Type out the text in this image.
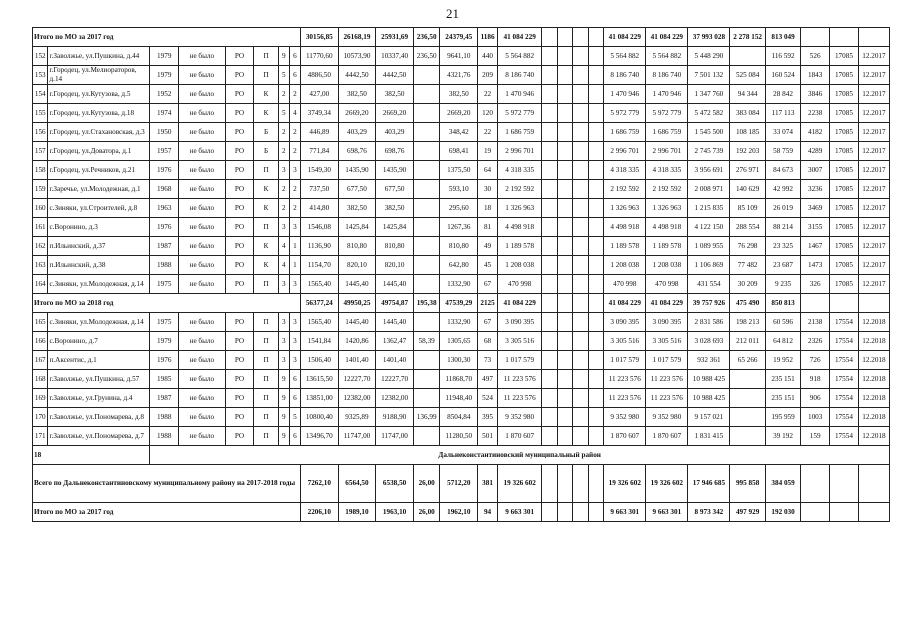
21
Итого по МО за 2017 год								30156,85	26168,19	25931,69	236,50	24379,45	1186	41 084 229					41 084 229	41 084 229	37 993 028	2 278 152	813 049			
152	г.Заволжье, ул.Пушкина, д.44	1979	не было	РО	П	9	6	11770,60	10573,90	10337,40	236,50	9641,10	440	5 564 882					5 564 882	5 564 882	5 448 290		116 592	526	17085	12.2017
153	г.Городец, ул.Мелиораторов, д.14	1979	не было	РО	П	5	6	4886,50	4442,50	4442,50		4321,76	209	8 186 740					8 186 740	8 186 740	7 501 132	525 084	160 524	1843	17085	12.2017
154	г.Городец, ул.Кутузова, д.5	1952	не было	РО	К	2	2	427,00	382,50	382,50		382,50	22	1 470 946					1 470 946	1 470 946	1 347 760	94 344	28 842	3846	17085	12.2017
155	г.Городец, ул.Кутузова, д.18	1974	не было	РО	К	5	4	3749,34	2669,20	2669,20		2669,20	120	5 972 779					5 972 779	5 972 779	5 472 582	383 084	117 113	2238	17085	12.2017
156	г.Городец, ул.Стахановская, д.3	1950	не было	РО	Б	2	2	446,89	403,29	403,29		348,42	22	1 686 759					1 686 759	1 686 759	1 545 500	108 185	33 074	4182	17085	12.2017
157	г.Городец, ул.Доватора, д.1	1957	не было	РО	Б	2	2	771,84	698,76	698,76		698,41	19	2 996 701					2 996 701	2 996 701	2 745 739	192 203	58 759	4289	17085	12.2017
158	г.Городец, ул.Речников, д.21	1976	не было	РО	П	3	3	1549,30	1435,90	1435,90		1375,50	64	4 318 335					4 318 335	4 318 335	3 956 691	276 971	84 673	3007	17085	12.2017
159	г.Заречье, ул.Молодежная, д.1	1968	не было	РО	К	2	2	737,50	677,50	677,50		593,10	30	2 192 592					2 192 592	2 192 592	2 008 971	140 629	42 992	3236	17085	12.2017
160	с.Зиняки, ул.Строителей, д.8	1963	не было	РО	К	2	2	414,80	382,50	382,50		295,60	18	1 326 963					1 326 963	1 326 963	1 215 835	85 109	26 019	3469	17085	12.2017
161	с.Воронино, д.3	1976	не было	РО	П	3	3	1546,08	1425,84	1425,84		1267,36	81	4 498 918					4 498 918	4 498 918	4 122 150	288 554	88 214	3155	17085	12.2017
162	п.Ильинский, д.37	1987	не было	РО	К	4	1	1136,90	810,80	810,80		810,80	49	1 189 578					1 189 578	1 189 578	1 089 955	76 298	23 325	1467	17085	12.2017
163	п.Ильинский, д.38	1988	не было	РО	К	4	1	1154,70	820,10	820,10		642,80	45	1 208 038					1 208 038	1 208 038	1 106 869	77 482	23 687	1473	17085	12.2017
164	с.Зиняки, ул.Молодежная, д.14	1975	не было	РО	П	3	3	1565,40	1445,40	1445,40		1332,90	67	470 998					470 998	470 998	431 554	30 209	9 235	326	17085	12.2017
Итого по МО за 2018 год								56377,24	49950,25	49754,87	195,38	47539,29	2125	41 084 229					41 084 229	41 084 229	39 757 926	475 490	850 813			
165	с.Зиняки, ул.Молодежная, д.14	1975	не было	РО	П	3	3	1565,40	1445,40	1445,40		1332,90	67	3 090 395					3 090 395	3 090 395	2 831 586	198 213	60 596	2138	17554	12.2018
166	с.Воронино, д.7	1979	не было	РО	П	3	3	1541,84	1420,86	1362,47	58,39	1305,65	68	3 305 516					3 305 516	3 305 516	3 028 693	212 011	64 812	2326	17554	12.2018
167	п.Аксентис, д.1	1976	не было	РО	П	3	3	1506,40	1401,40	1401,40		1300,30	73	1 017 579					1 017 579	1 017 579	932 361	65 266	19 952	726	17554	12.2018
168	г.Заволжье, ул.Пушкина, д.57	1985	не было	РО	П	9	6	13615,50	12227,70	12227,70		11868,70	497	11 223 576					11 223 576	11 223 576	10 988 425		235 151	918	17554	12.2018
169	г.Заволжье, ул.Грунина, д.4	1987	не было	РО	П	9	6	13851,00	12382,00	12382,00		11948,40	524	11 223 576					11 223 576	11 223 576	10 988 425		235 151	906	17554	12.2018
170	г.Заволжье, ул.Пономарева, д.8	1988	не было	РО	П	9	5	10800,40	9325,89	9188,90	136,99	8504,84	395	9 352 980					9 352 980	9 352 980	9 157 021		195 959	1003	17554	12.2018
171	г.Заволжье, ул.Пономарева, д.7	1988	не было	РО	П	9	6	13496,70	11747,00	11747,00		11280,50	501	1 870 607					1 870 607	1 870 607	1 831 415		39 192	159	17554	12.2018
18		Дальнеконстантиновский муниципальный район																								
Всего по Дальнеконстантиновскому муниципальному району на 2017-2018 годы								7262,10	6564,50	6538,50	26,00	5712,20	381	19 326 602					19 326 602	19 326 602	17 946 685	995 858	384 059			
Итого по МО за 2017 год								2206,10	1989,10	1963,10	26,00	1962,10	94	9 663 301					9 663 301	9 663 301	8 973 342	497 929	192 030			
